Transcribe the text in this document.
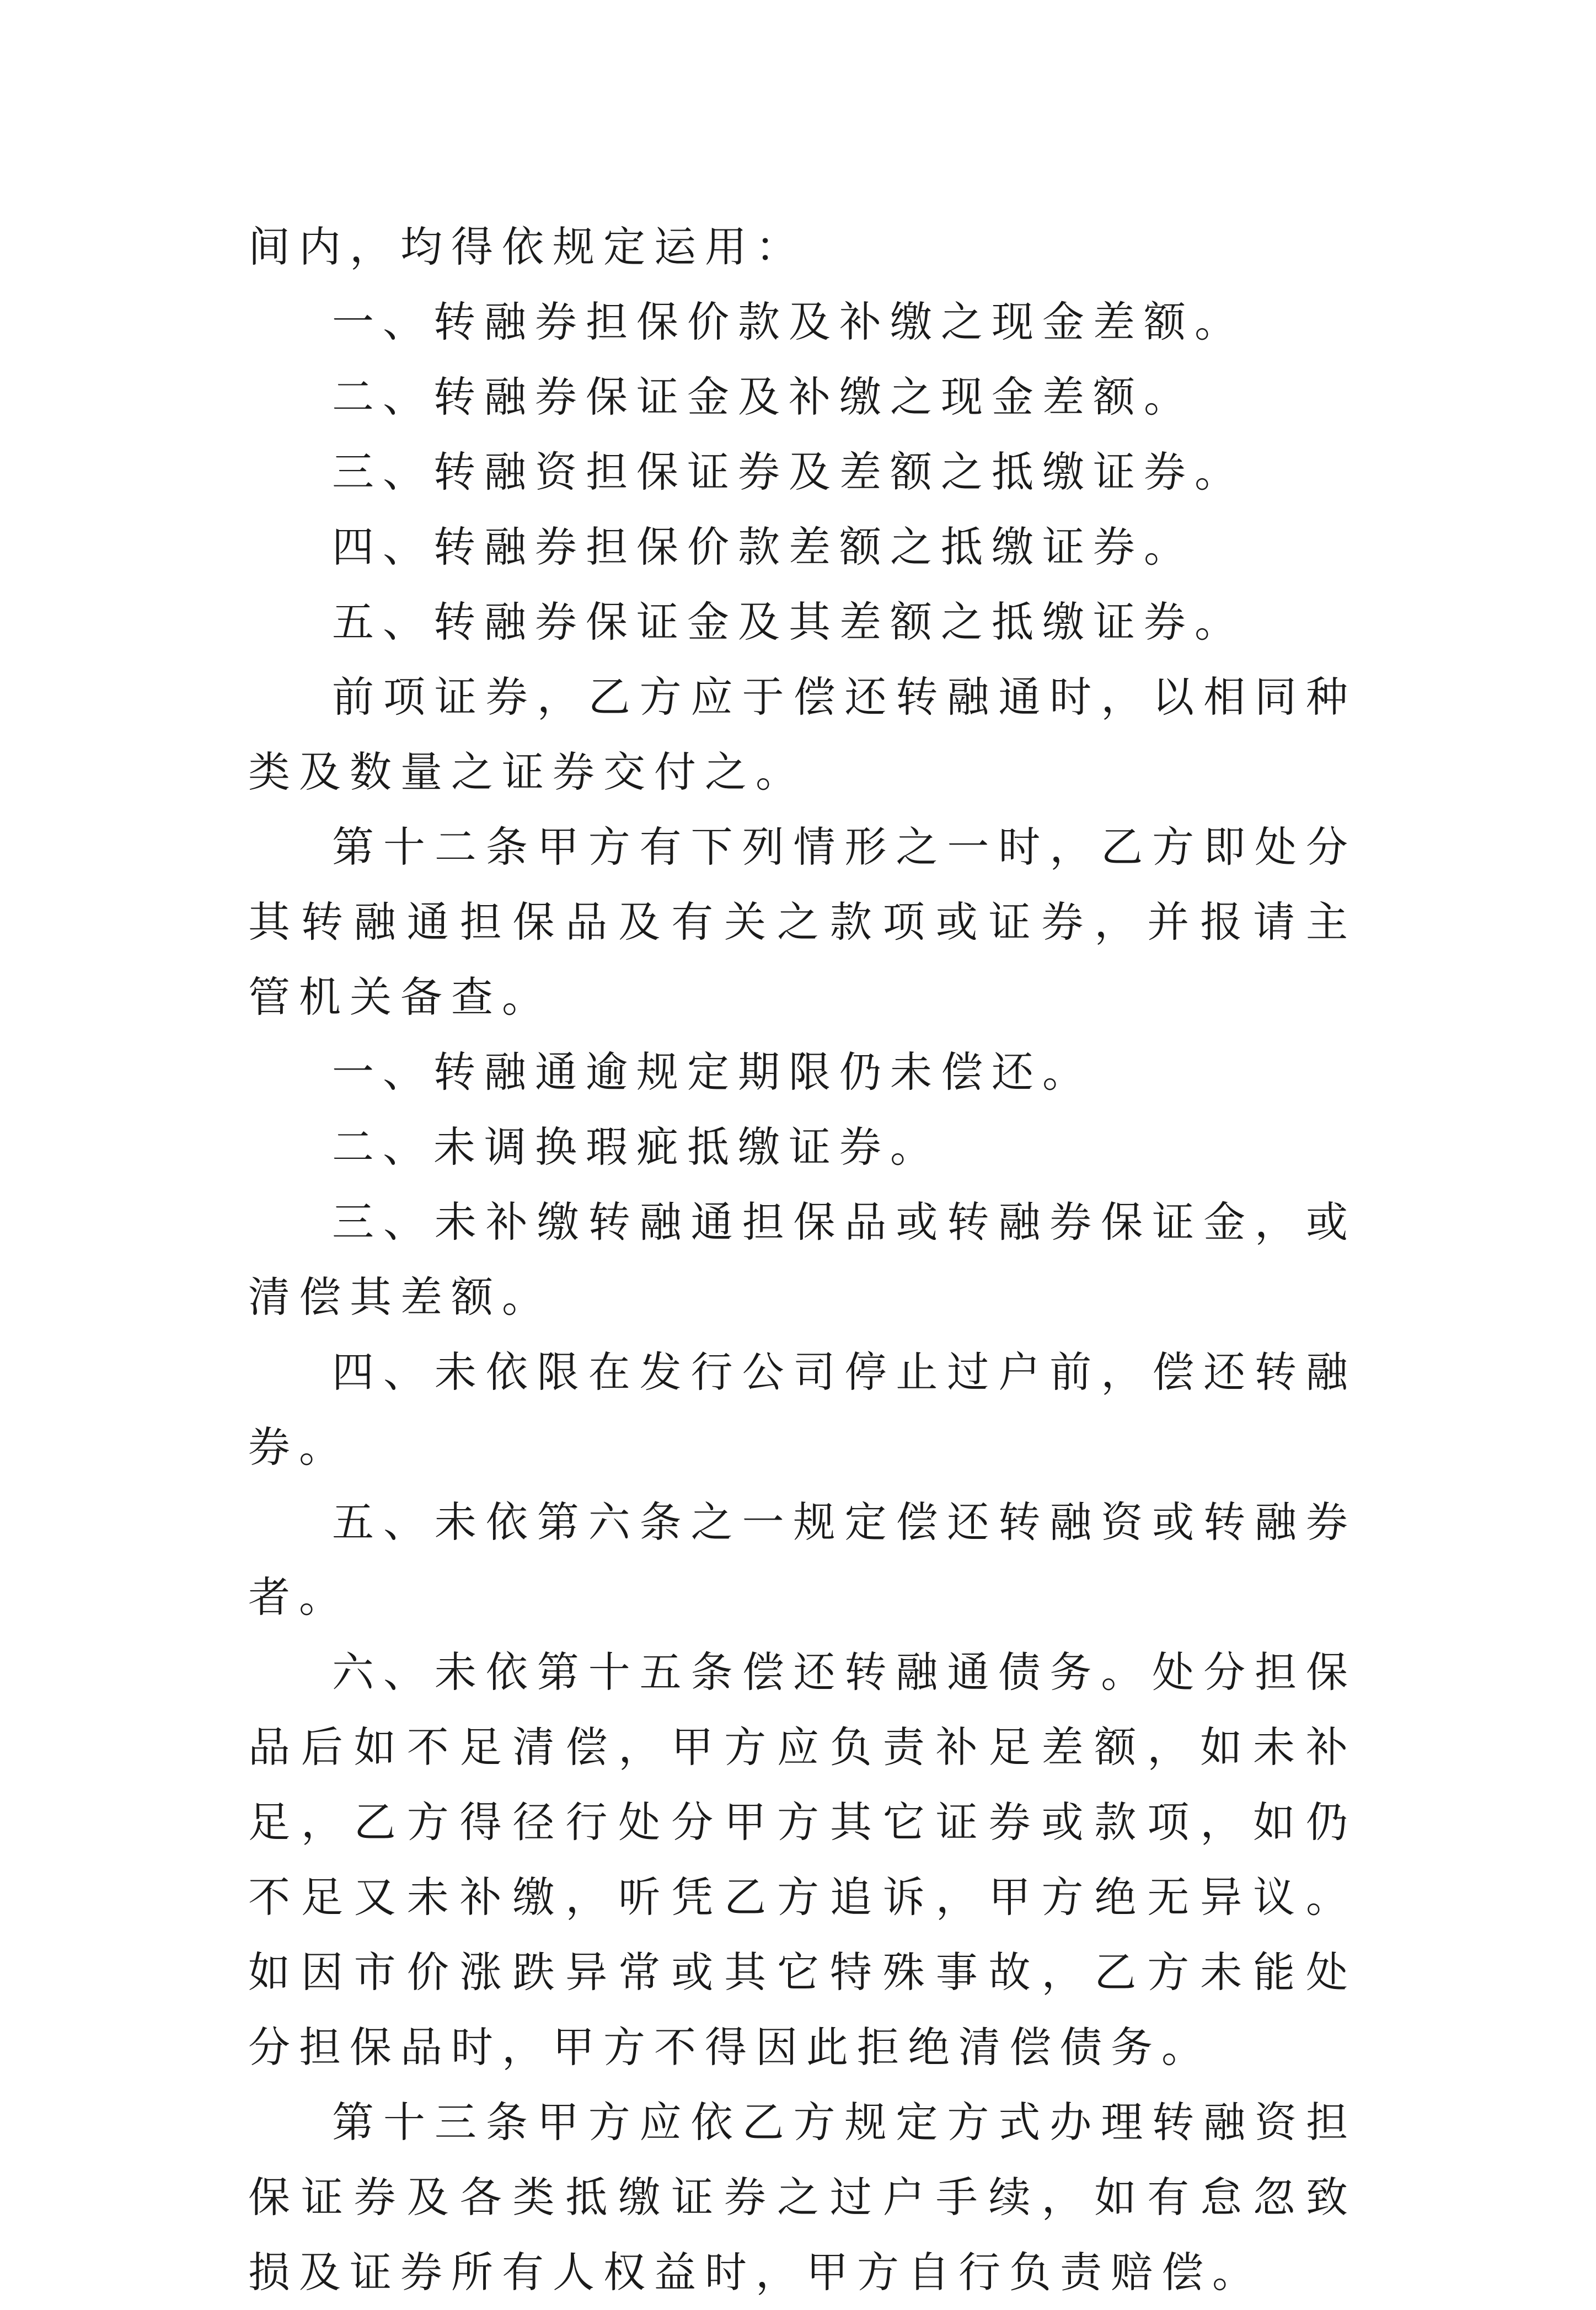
间内，均得依规定运用：

一、转融券担保价款及补缴之现金差额。

二、转融券保证金及补缴之现金差额。

三、转融资担保证券及差额之抵缴证券。

四、转融券担保价款差额之抵缴证券。

五、转融券保证金及其差额之抵缴证券。

前项证券，乙方应于偿还转融通时，以相同种类及数量之证券交付之。

第十二条甲方有下列情形之一时，乙方即处分其转融通担保品及有关之款项或证券，并报请主管机关备查。

一、转融通逾规定期限仍未偿还。

二、未调换瑕疵抵缴证券。

三、未补缴转融通担保品或转融券保证金，或清偿其差额。

四、未依限在发行公司停止过户前，偿还转融券。

五、未依第六条之一规定偿还转融资或转融券者。

六、未依第十五条偿还转融通债务。处分担保品后如不足清偿，甲方应负责补足差额，如未补足，乙方得径行处分甲方其它证券或款项，如仍不足又未补缴，听凭乙方追诉，甲方绝无异议。如因市价涨跌异常或其它特殊事故，乙方未能处分担保品时，甲方不得因此拒绝清偿债务。

第十三条甲方应依乙方规定方式办理转融资担保证券及各类抵缴证券之过户手续，如有怠忽致损及证券所有人权益时，甲方自行负责赔偿。
